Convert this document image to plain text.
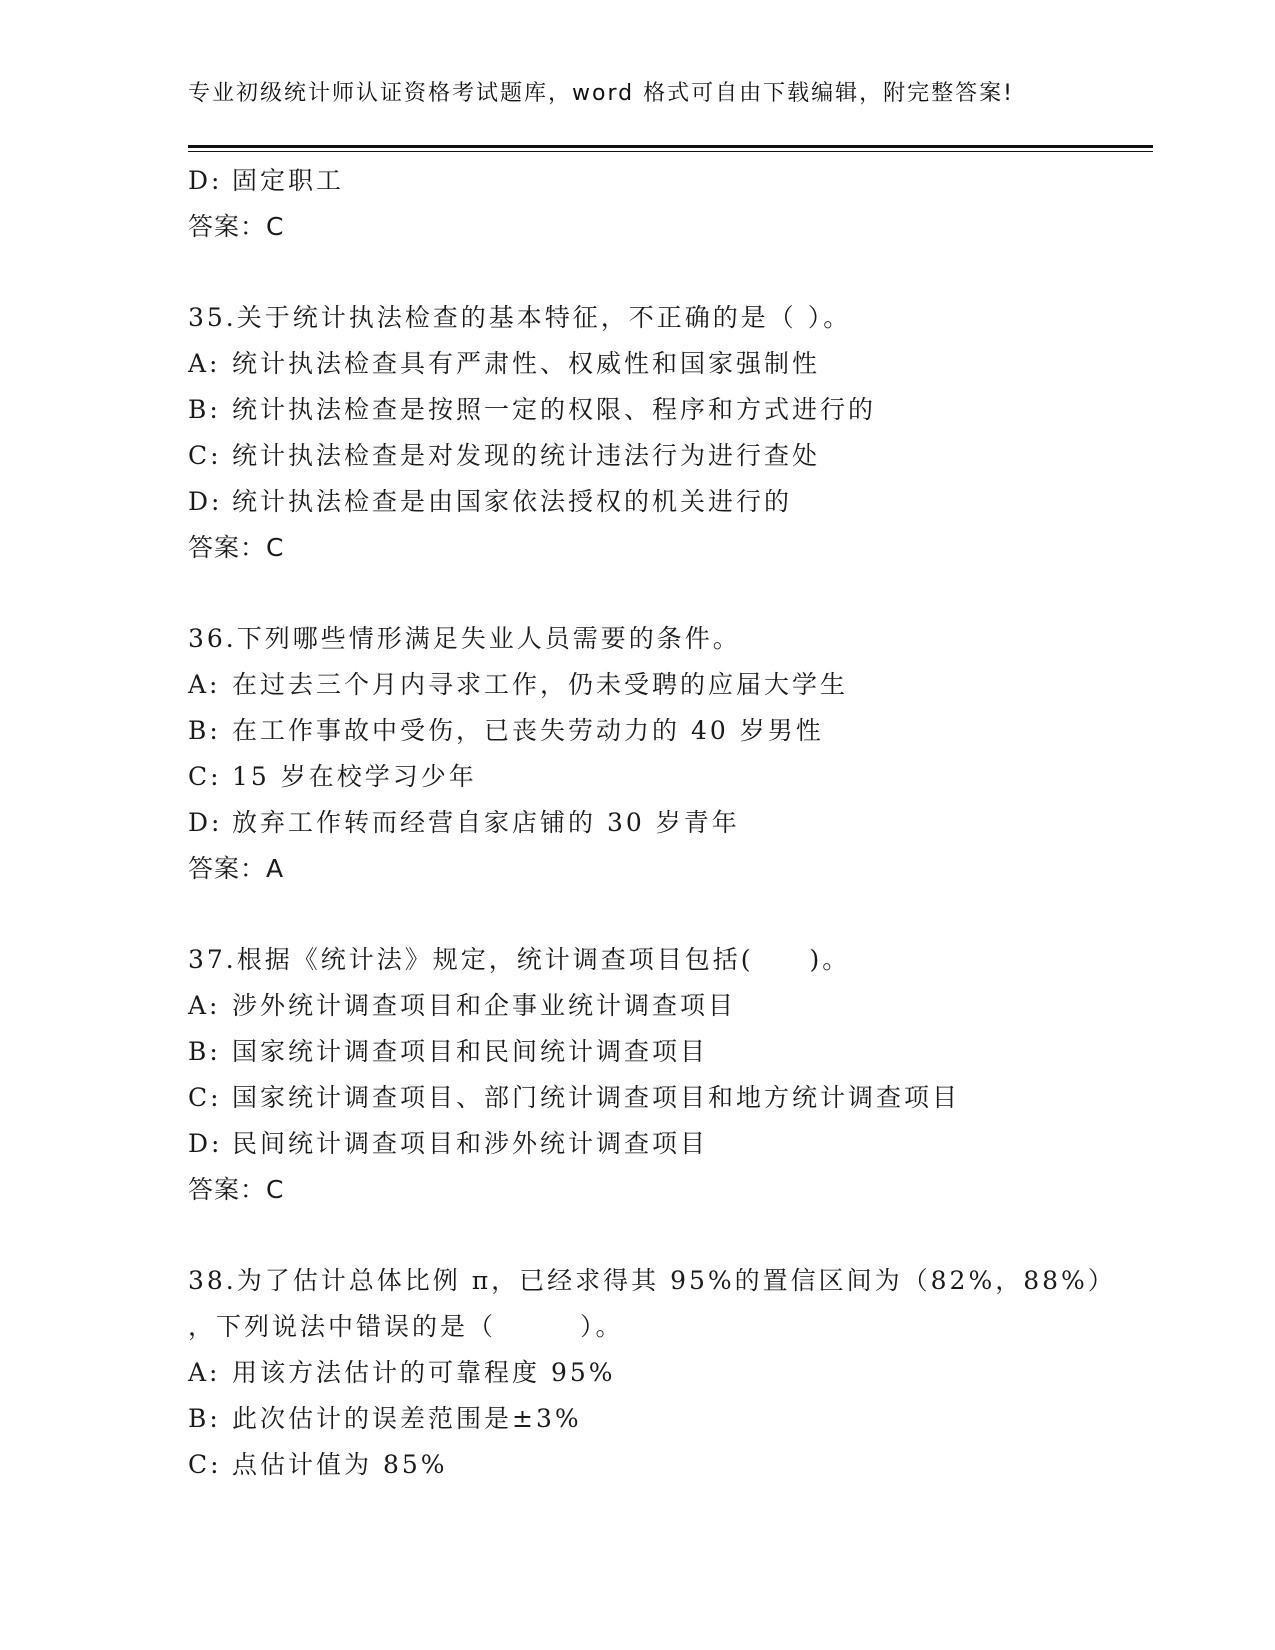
专业初级统计师认证资格考试题库，word 格式可自由下载编辑，附完整答案!
D: 固定职工
答案：C
35.关于统计执法检查的基本特征，不正确的是（ ）。
A: 统计执法检查具有严肃性、权威性和国家强制性
B: 统计执法检查是按照一定的权限、程序和方式进行的
C: 统计执法检查是对发现的统计违法行为进行查处
D: 统计执法检查是由国家依法授权的机关进行的
答案：C
36.下列哪些情形满足失业人员需要的条件。
A: 在过去三个月内寻求工作，仍未受聘的应届大学生
B: 在工作事故中受伤，已丧失劳动力的 40 岁男性
C: 15 岁在校学习少年
D: 放弃工作转而经营自家店铺的 30 岁青年
答案：A
37.根据《统计法》规定，统计调查项目包括(　　)。
A: 涉外统计调查项目和企事业统计调查项目
B: 国家统计调查项目和民间统计调查项目
C: 国家统计调查项目、部门统计调查项目和地方统计调查项目
D: 民间统计调查项目和涉外统计调查项目
答案：C
38.为了估计总体比例 π，已经求得其 95%的置信区间为（82%，88%）
，下列说法中错误的是（　　　）。
A: 用该方法估计的可靠程度 95%
B: 此次估计的误差范围是±3%
C: 点估计值为 85%
